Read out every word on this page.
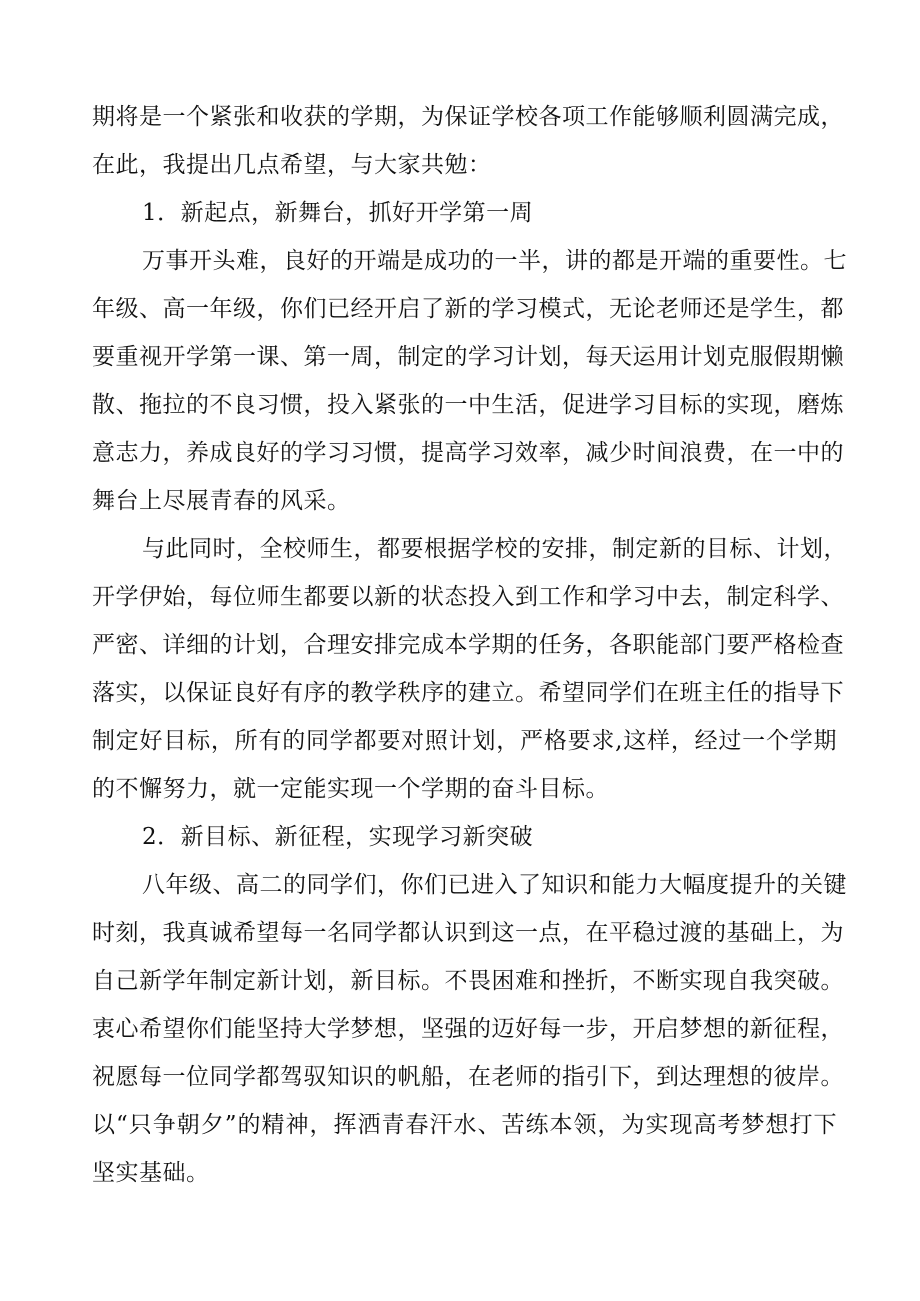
期将是一个紧张和收获的学期，为保证学校各项工作能够顺利圆满完成，
在此，我提出几点希望，与大家共勉：
1．新起点，新舞台，抓好开学第一周
万事开头难，良好的开端是成功的一半，讲的都是开端的重要性。七
年级、高一年级，你们已经开启了新的学习模式，无论老师还是学生，都
要重视开学第一课、第一周，制定的学习计划，每天运用计划克服假期懒
散、拖拉的不良习惯，投入紧张的一中生活，促进学习目标的实现，磨炼
意志力，养成良好的学习习惯，提高学习效率，减少时间浪费，在一中的
舞台上尽展青春的风采。
与此同时，全校师生，都要根据学校的安排，制定新的目标、计划，
开学伊始，每位师生都要以新的状态投入到工作和学习中去，制定科学、
严密、详细的计划，合理安排完成本学期的任务，各职能部门要严格检查
落实，以保证良好有序的教学秩序的建立。希望同学们在班主任的指导下
制定好目标，所有的同学都要对照计划，严格要求,这样，经过一个学期
的不懈努力，就一定能实现一个学期的奋斗目标。
2．新目标、新征程，实现学习新突破
八年级、高二的同学们，你们已进入了知识和能力大幅度提升的关键
时刻，我真诚希望每一名同学都认识到这一点，在平稳过渡的基础上，为
自己新学年制定新计划，新目标。不畏困难和挫折，不断实现自我突破。
衷心希望你们能坚持大学梦想，坚强的迈好每一步，开启梦想的新征程，
祝愿每一位同学都驾驭知识的帆船，在老师的指引下，到达理想的彼岸。
以“只争朝夕”的精神，挥洒青春汗水、苦练本领，为实现高考梦想打下
坚实基础。
